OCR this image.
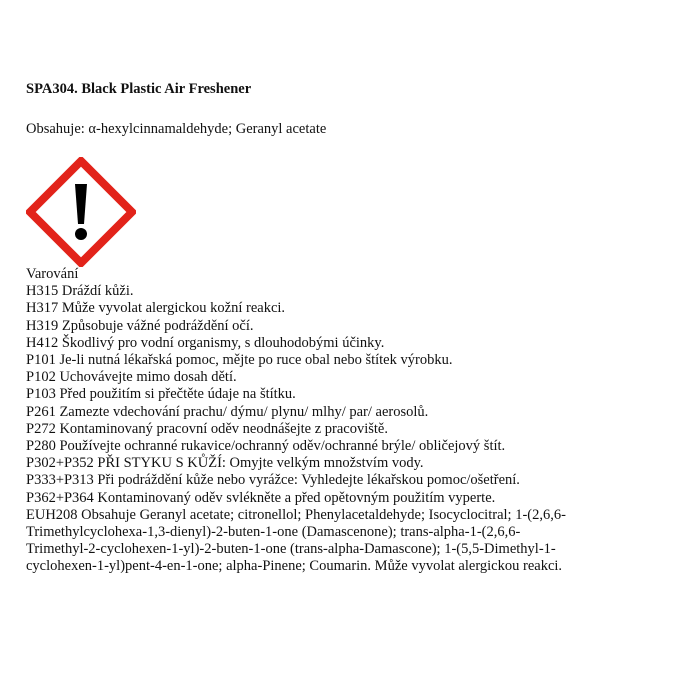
SPA304. Black Plastic Air Freshener

Obsahuje: α-hexylcinnamaldehyde; Geranyl acetate

Varování
H315 Dráždí kůži.
H317 Může vyvolat alergickou kožní reakci.
H319 Způsobuje vážné podráždění očí.
H412 Škodlivý pro vodní organismy, s dlouhodobými účinky.
P101 Je-li nutná lékařská pomoc, mějte po ruce obal nebo štítek výrobku.
P102 Uchovávejte mimo dosah dětí.
P103 Před použitím si přečtěte údaje na štítku.
P261 Zamezte vdechování prachu/ dýmu/ plynu/ mlhy/ par/ aerosolů.
P272 Kontaminovaný pracovní oděv neodnášejte z pracoviště.
P280 Používejte ochranné rukavice/ochranný oděv/ochranné brýle/ obličejový štít.
P302+P352 PŘI STYKU S KŮŽÍ: Omyjte velkým množstvím vody.
P333+P313 Při podráždění kůže nebo vyrážce: Vyhledejte lékařskou pomoc/ošetření.
P362+P364 Kontaminovaný oděv svlékněte a před opětovným použitím vyperte.
EUH208 Obsahuje Geranyl acetate; citronellol; Phenylacetaldehyde; Isocyclocitral; 1-(2,6,6-
Trimethylcyclohexa-1,3-dienyl)-2-buten-1-one (Damascenone); trans-alpha-1-(2,6,6-
Trimethyl-2-cyclohexen-1-yl)-2-buten-1-one (trans-alpha-Damascone); 1-(5,5-Dimethyl-1-
cyclohexen-1-yl)pent-4-en-1-one; alpha-Pinene; Coumarin. Může vyvolat alergickou reakci.
